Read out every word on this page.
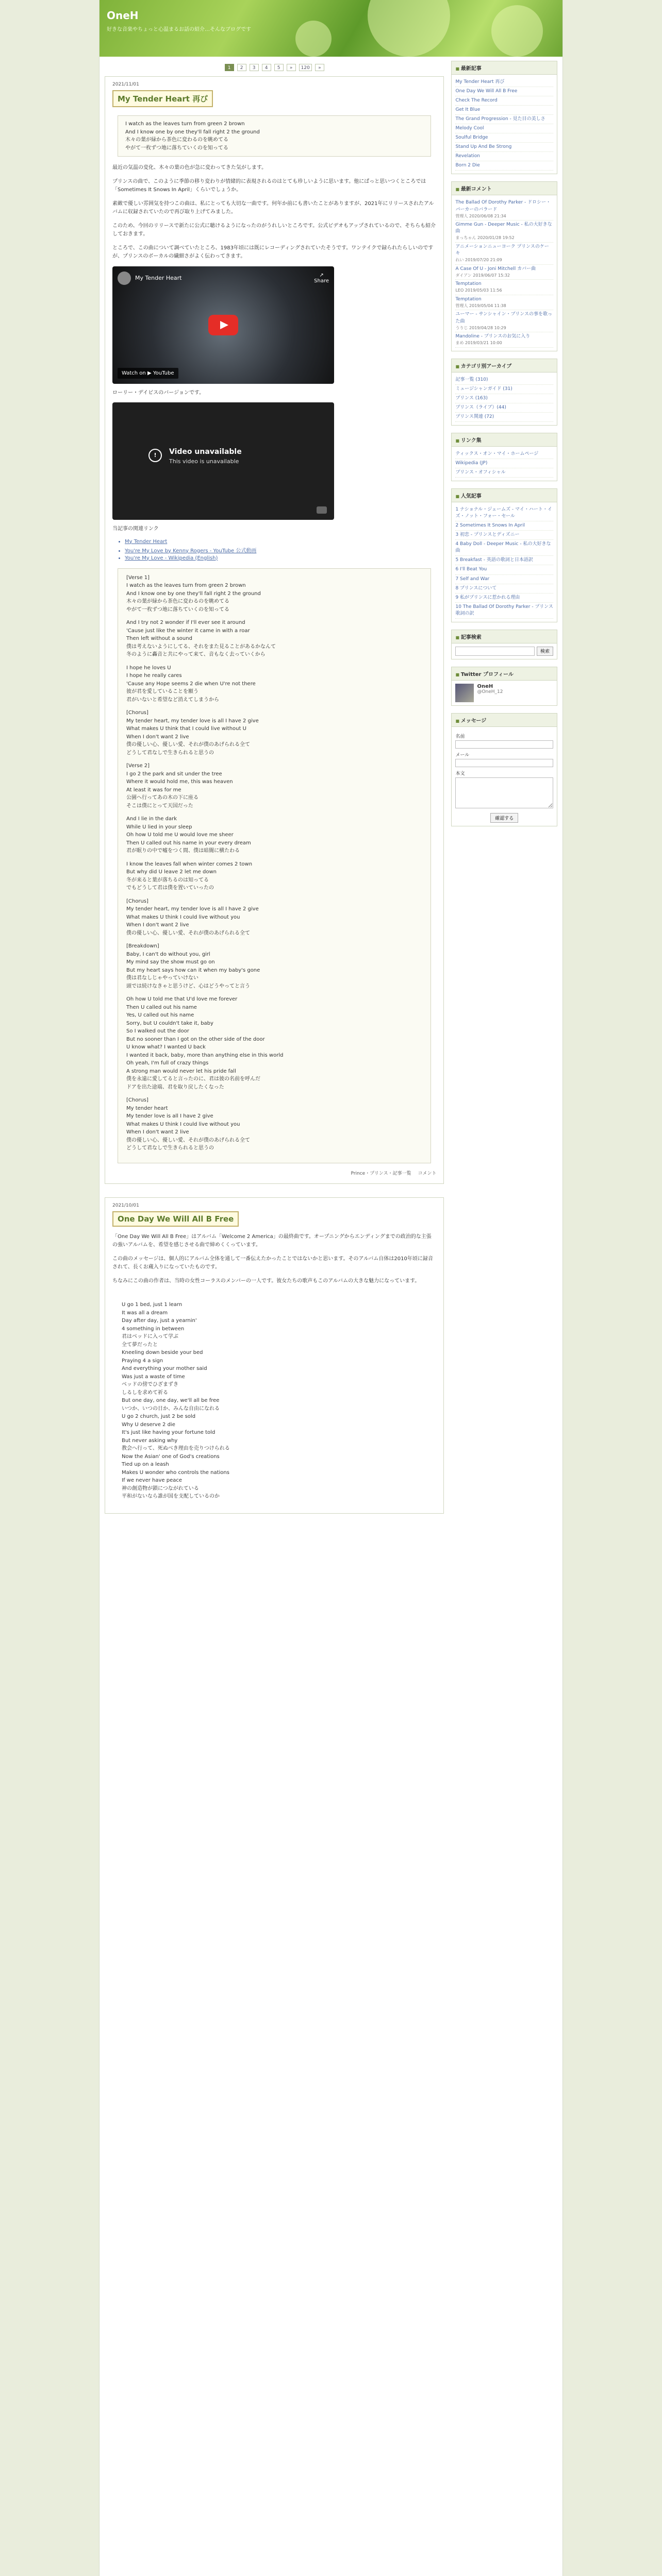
OneH
好きな音楽やちょっと心温まるお話の紹介…そんなブログです
1	2	3	4	5	»	120	»
2021/11/01
My Tender Heart 再び
I watch as the leaves turn from green 2 brown
And I know one by one they'll fall right 2 the ground
木々の葉が緑から茶色に変わるのを眺めてる
やがて一枚ずつ地に落ちていくのを知ってる

最近の気温の変化、木々の葉の色が急に変わってきた気がします。

プリンスの曲で、このように季節の移り変わりが情緒的に表現されるのはとても珍しいように思います。他にぱっと思いつくところでは「Sometimes It Snows In April」くらいでしょうか。

素敵で優しい雰囲気を持つこの曲は、私にとっても大切な一曲です。何年か前にも書いたことがありますが、2021年にリリースされたアルバムに収録されていたので再び取り上げてみました。

このため、今回のリリースで新たに公式に聴けるようになったのがうれしいところです。公式ビデオもアップされているので、そちらも紹介しておきます。

ところで、この曲について調べていたところ、1983年頃には既にレコーディングされていたそうです。ワンテイクで録られたらしいのですが、プリンスのボーカルの繊細さがよく伝わってきます。

My Tender Heart	↗
Share
Watch on ▶ YouTube

ローリー・デイビスのバージョンです。

!	Video unavailable
This video is unavailable

当記事の関連リンク

• My Tender Heart
• You're My Love by Kenny Rogers - YouTube 公式動画
• You're My Love - Wikipedia (English)
[Verse 1]
I watch as the leaves turn from green 2 brown
And I know one by one they'll fall right 2 the ground
木々の葉が緑から茶色に変わるのを眺めてる
やがて一枚ずつ地に落ちていくのを知ってる
And I try not 2 wonder if I'll ever see it around
'Cause just like the winter it came in with a roar
Then left without a sound
僕は考えないようにしてる、それをまた見ることがあるかなんて
冬のように轟音と共にやって来て、音もなく去っていくから
I hope he loves U
I hope he really cares
'Cause any Hope seems 2 die when U're not there
彼が君を愛していることを願う
君がいないと希望など消えてしまうから
[Chorus]
My tender heart, my tender love is all I have 2 give
What makes U think that I could live without U
When I don't want 2 live
僕の優しい心、優しい愛、それが僕のあげられる全て
どうして君なしで生きられると思うの
[Verse 2]
I go 2 the park and sit under the tree
Where it would hold me, this was heaven
At least it was for me
公園へ行ってあの木の下に座る
そこは僕にとって天国だった
And I lie in the dark
While U lied in your sleep
Oh how U told me U would love me sheer
Then U called out his name in your every dream
君が眠りの中で嘘をつく間、僕は暗闇に横たわる
I know the leaves fall when winter comes 2 town
But why did U leave 2 let me down
冬が来ると葉が落ちるのは知ってる
でもどうして君は僕を置いていったの
[Chorus]
My tender heart, my tender love is all I have 2 give
What makes U think I could live without you
When I don't want 2 live
僕の優しい心、優しい愛、それが僕のあげられる全て
[Breakdown]
Baby, I can't do without you, girl
My mind say the show must go on
But my heart says how can it when my baby's gone
僕は君なしじゃやっていけない
頭では続けなきゃと思うけど、心はどうやってと言う
Oh how U told me that U'd love me forever
Then U called out his name
Yes, U called out his name
Sorry, but U couldn't take it, baby
So I walked out the door
But no sooner than I got on the other side of the door
U know what? I wanted U back
I wanted it back, baby, more than anything else in this world
Oh yeah, I'm full of crazy things
A strong man would never let his pride fall
僕を永遠に愛してると言ったのに、君は彼の名前を呼んだ
ドアを出た途端、君を取り戻したくなった
[Chorus]
My tender heart
My tender love is all I have 2 give
What makes U think I could live without you
When I don't want 2 live
僕の優しい心、優しい愛、それが僕のあげられる全て
どうして君なしで生きられると思うの
Prince・プリンス・記事一覧 コメント
2021/10/01
One Day We Will All B Free

「One Day We Will All B Free」はアルバム「Welcome 2 America」の最終曲です。オープニングからエンディングまでの政治的な主張の強いアルバムを、希望を感じさせる曲で締めくくっています。

この曲のメッセージは、個人的にアルバム全体を通して一番伝えたかったことではないかと思います。そのアルバム自体は2010年頃に録音されて、長くお蔵入りになっていたものです。

ちなみにこの曲の作者は、当時の女性コーラスのメンバーの一人です。彼女たちの歌声もこのアルバムの大きな魅力になっています。

U go 1 bed, just 1 learn
It was all a dream
Day after day, just a yearnin'
4 something in between
君はベッドに入って学ぶ
全て夢だったと
Kneeling down beside your bed
Praying 4 a sign
And everything your mother said
Was just a waste of time
ベッドの傍でひざまずき
しるしを求めて祈る
But one day, one day, we'll all be free
いつか、いつの日か、みんな自由になれる
U go 2 church, just 2 be sold
Why U deserve 2 die
It's just like having your fortune told
But never asking why
教会へ行って、死ぬべき理由を売りつけられる
Now the Asian' one of God's creations
Tied up on a leash
Makes U wonder who controls the nations
If we never have peace
神の創造物が鎖につながれている
平和がないなら誰が国を支配しているのか
■ 最新記事
My Tender Heart 再び
One Day We Will All B Free
Check The Record
Get It Blue
The Grand Progression - 見た目の美しさ
Melody Cool
Soulful Bridge
Stand Up And Be Strong
Revelation
Born 2 Die
■ 最新コメント
The Ballad Of Dorothy Parker - ドロシー・パーカーのバラード
管理人 2020/06/08 21:34
Gimme Gun - Deeper Music - 私の大好きな曲
まっちゃん 2020/01/28 19:52
アニメーションニューヨーク プリンスのケーキ
れい 2019/07/20 21:09
A Case Of U - Joni Mitchell カバー曲
ダイアン 2019/06/07 15:32
Temptation
LEO 2019/05/03 11:56
Temptation
管理人 2019/05/04 11:38
ユーマー - サンシャイン・プリンスの事を歌った曲
うりじ 2019/04/28 10:29
Mandoline - プリンスのお気に入り
まめ 2019/03/21 10:00
■ カテゴリ別アーカイブ
記事一覧 (310)
ミュージシャンガイド (31)
プリンス (163)
プリンス（ライブ）(44)
プリンス関連 (72)
■ リンク集
ティックス・オン・マイ・ホームページ
Wikipedia (JP)
プリンス・オフィシャル
■ 人気記事
1 ナショナル・ジェームズ - マイ・ハート・イズ・ノット・フォー・セール
2 Sometimes It Snows In April
3 初恋 - プリンスとディズニー
4 Baby Doll - Deeper Music - 私の大好きな曲
5 Breakfast - 英語の歌詞と日本語訳
6 I'll Beat You
7 Self and War
8 プリンスについて
9 私がプリンスに惹かれる理由
10 The Ballad Of Dorothy Parker - プリンス歌詞の訳
■ 記事検索
検索
■ Twitter プロフィール
OneH
@OneH_12
■ メッセージ
名前
メール
本文
確認する
